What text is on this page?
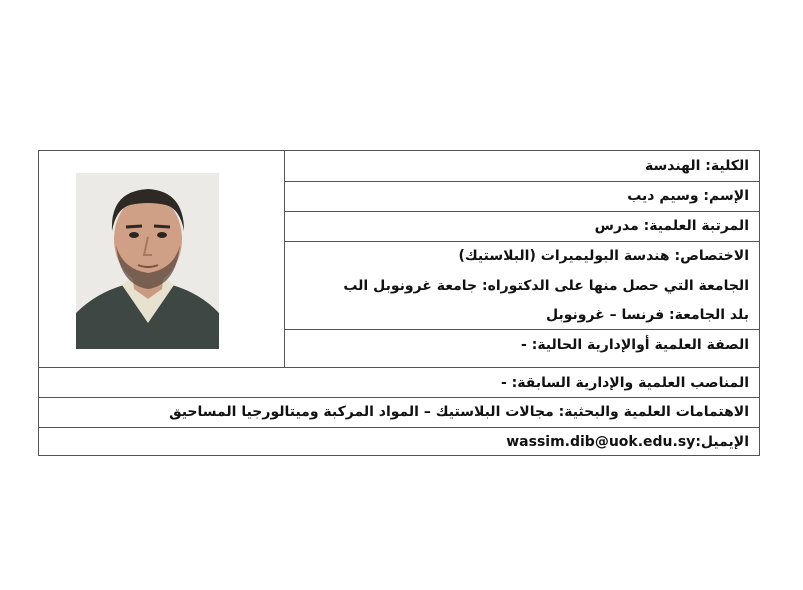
الكلية: الهندسة
الإسم: وسيم ديب
المرتبة العلمية: مدرس
الاختصاص: هندسة البوليميرات (البلاستيك)
الجامعة التي حصل منها على الدكتوراه: جامعة غرونوبل الب
بلد الجامعة: فرنسا – غرونوبل
الصفة العلمية أوالإدارية الحالية: -
المناصب العلمية والإدارية السابقة: -
الاهتمامات العلمية والبحثية: مجالات البلاستيك – المواد المركبة وميتالورجيا المساحيق
الإيميل:wassim.dib@uok.edu.sy
